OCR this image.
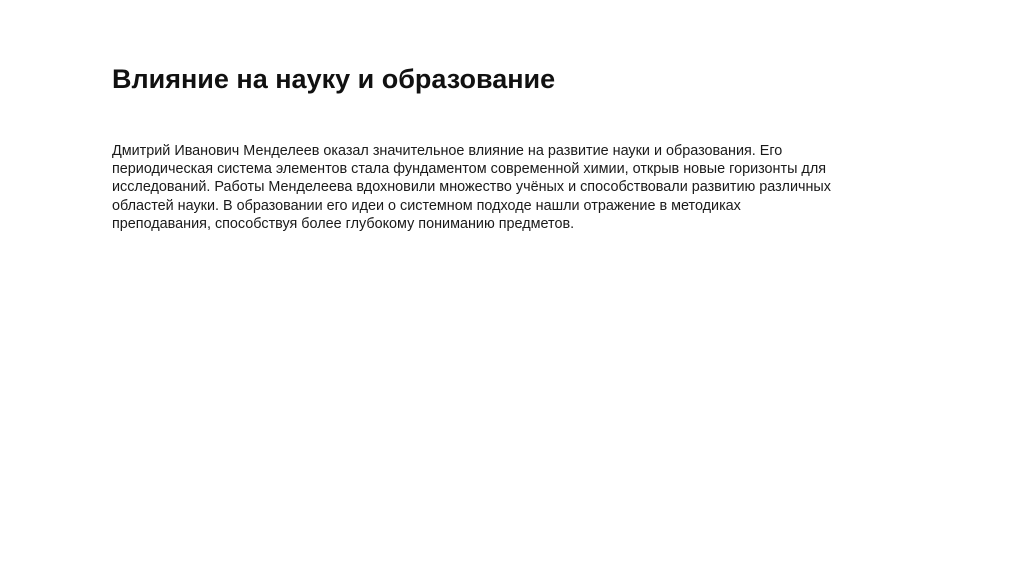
Влияние на науку и образование

Дмитрий Иванович Менделеев оказал значительное влияние на развитие науки и образования. Его
периодическая система элементов стала фундаментом современной химии, открыв новые горизонты для
исследований. Работы Менделеева вдохновили множество учёных и способствовали развитию различных
областей науки. В образовании его идеи о системном подходе нашли отражение в методиках
преподавания, способствуя более глубокому пониманию предметов.
